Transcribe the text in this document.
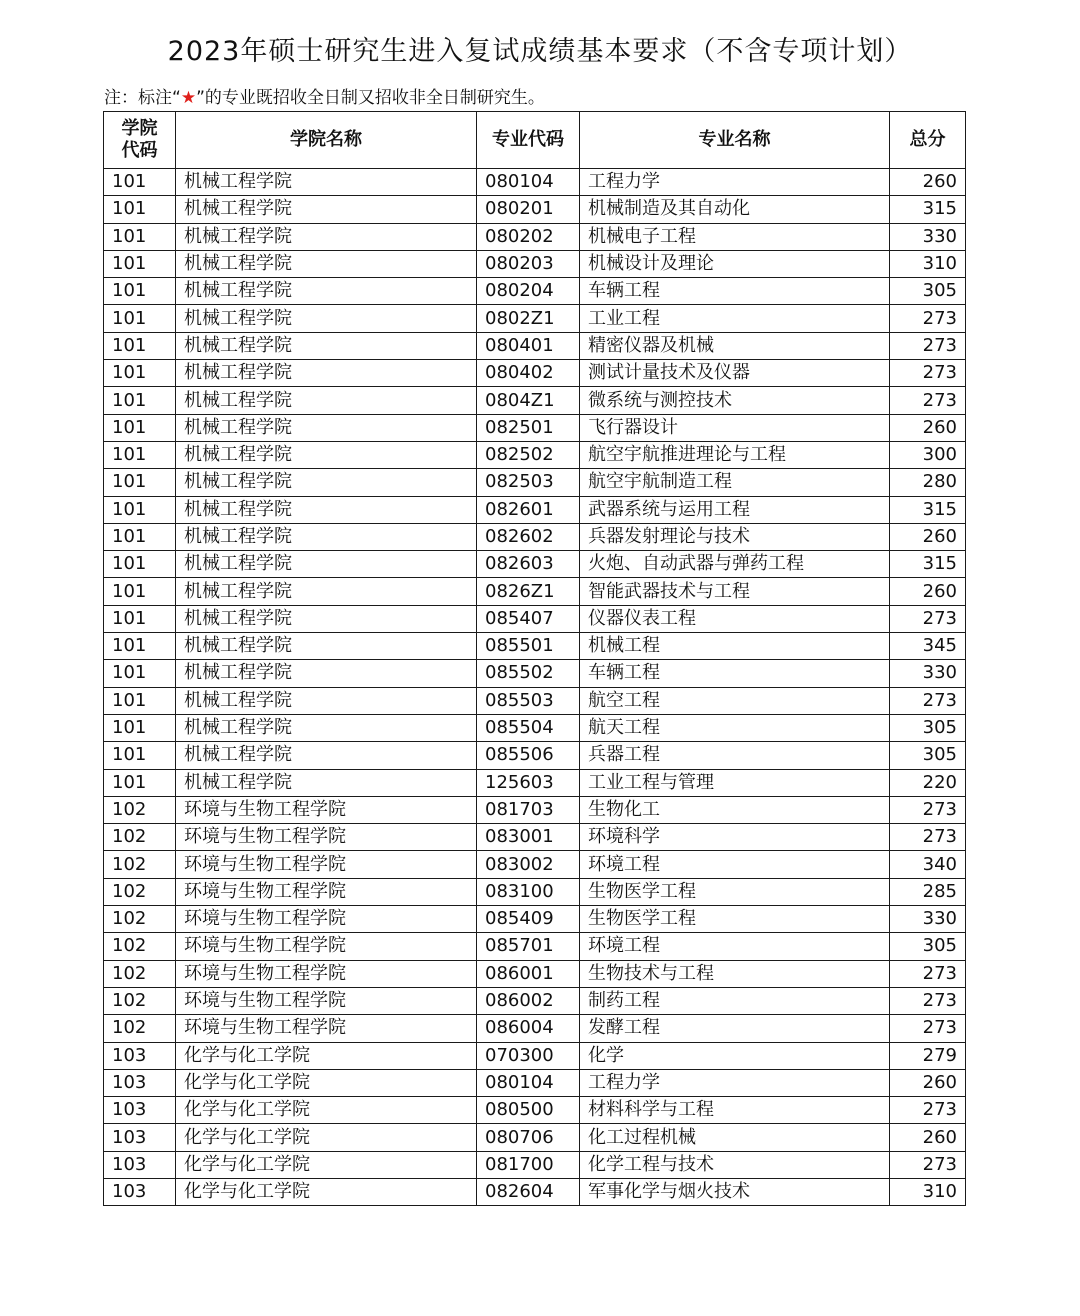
2023年硕士研究生进入复试成绩基本要求（不含专项计划）
注：标注“★”的专业既招收全日制又招收非全日制研究生。
学院
代码	学院名称	专业代码	专业名称	总分
101	机械工程学院	080104	工程力学	260
101	机械工程学院	080201	机械制造及其自动化	315
101	机械工程学院	080202	机械电子工程	330
101	机械工程学院	080203	机械设计及理论	310
101	机械工程学院	080204	车辆工程	305
101	机械工程学院	0802Z1	工业工程	273
101	机械工程学院	080401	精密仪器及机械	273
101	机械工程学院	080402	测试计量技术及仪器	273
101	机械工程学院	0804Z1	微系统与测控技术	273
101	机械工程学院	082501	飞行器设计	260
101	机械工程学院	082502	航空宇航推进理论与工程	300
101	机械工程学院	082503	航空宇航制造工程	280
101	机械工程学院	082601	武器系统与运用工程	315
101	机械工程学院	082602	兵器发射理论与技术	260
101	机械工程学院	082603	火炮、自动武器与弹药工程	315
101	机械工程学院	0826Z1	智能武器技术与工程	260
101	机械工程学院	085407	仪器仪表工程	273
101	机械工程学院	085501	机械工程	345
101	机械工程学院	085502	车辆工程	330
101	机械工程学院	085503	航空工程	273
101	机械工程学院	085504	航天工程	305
101	机械工程学院	085506	兵器工程	305
101	机械工程学院	125603	工业工程与管理	220
102	环境与生物工程学院	081703	生物化工	273
102	环境与生物工程学院	083001	环境科学	273
102	环境与生物工程学院	083002	环境工程	340
102	环境与生物工程学院	083100	生物医学工程	285
102	环境与生物工程学院	085409	生物医学工程	330
102	环境与生物工程学院	085701	环境工程	305
102	环境与生物工程学院	086001	生物技术与工程	273
102	环境与生物工程学院	086002	制药工程	273
102	环境与生物工程学院	086004	发酵工程	273
103	化学与化工学院	070300	化学	279
103	化学与化工学院	080104	工程力学	260
103	化学与化工学院	080500	材料科学与工程	273
103	化学与化工学院	080706	化工过程机械	260
103	化学与化工学院	081700	化学工程与技术	273
103	化学与化工学院	082604	军事化学与烟火技术	310
